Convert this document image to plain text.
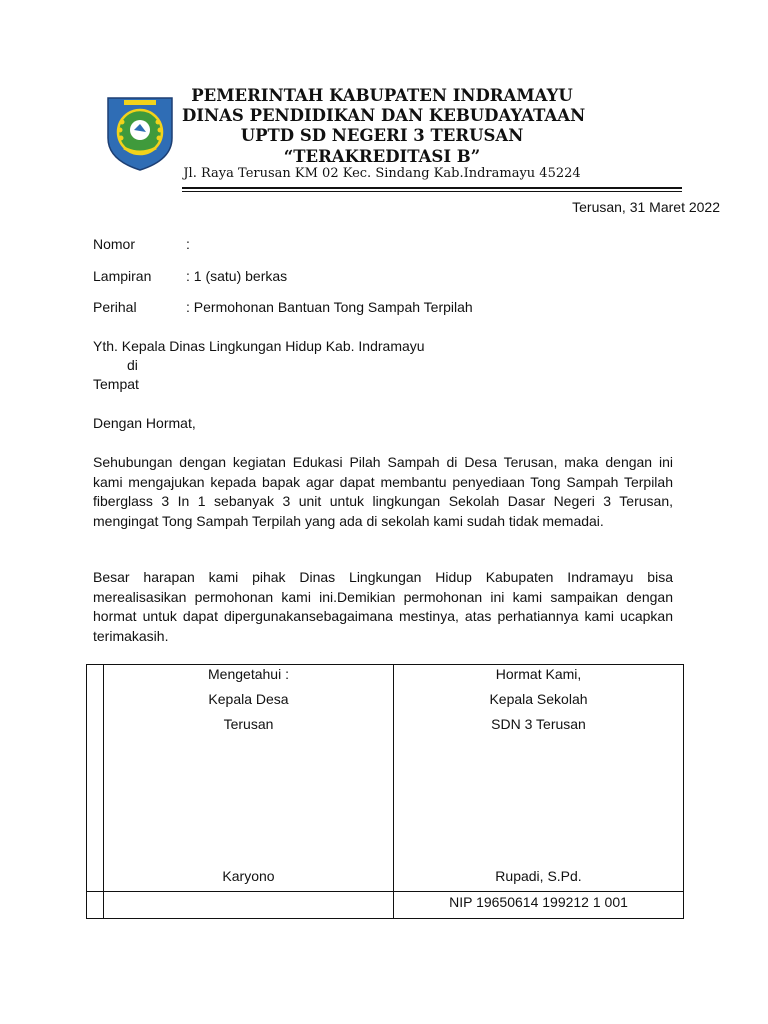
PEMERINTAH KABUPATEN INDRAMAYU
DINAS PENDIDIKAN DAN KEBUDAYATAAN
UPTD SD NEGERI 3 TERUSAN
“TERAKREDITASI B”
Jl. Raya Terusan KM 02 Kec. Sindang Kab.Indramayu 45224
Terusan, 31 Maret 2022
Nomor	:
Lampiran : 1 (satu) berkas
Perihal	: Permohonan Bantuan Tong Sampah Terpilah
Yth. Kepala Dinas Lingkungan Hidup Kab. Indramayu
di
Tempat
Dengan Hormat,

Sehubungan dengan kegiatan Edukasi Pilah Sampah di Desa Terusan, maka dengan ini kami mengajukan kepada bapak agar dapat membantu penyediaan Tong Sampah Terpilah fiberglass 3 In 1 sebanyak 3 unit untuk lingkungan Sekolah Dasar Negeri 3 Terusan, mengingat Tong Sampah Terpilah yang ada di sekolah kami sudah tidak memadai.

Besar harapan kami pihak Dinas Lingkungan Hidup Kabupaten Indramayu bisa merealisasikan permohonan kami ini.Demikian permohonan ini kami sampaikan dengan hormat untuk dapat dipergunakansebagaimana mestinya, atas perhatiannya kami ucapkan terimakasih.

Mengetahui :
Kepala Desa
Terusan
Karyono
Hormat Kami,
Kepala Sekolah
SDN 3 Terusan
Rupadi, S.Pd.
NIP 19650614 199212 1 001
